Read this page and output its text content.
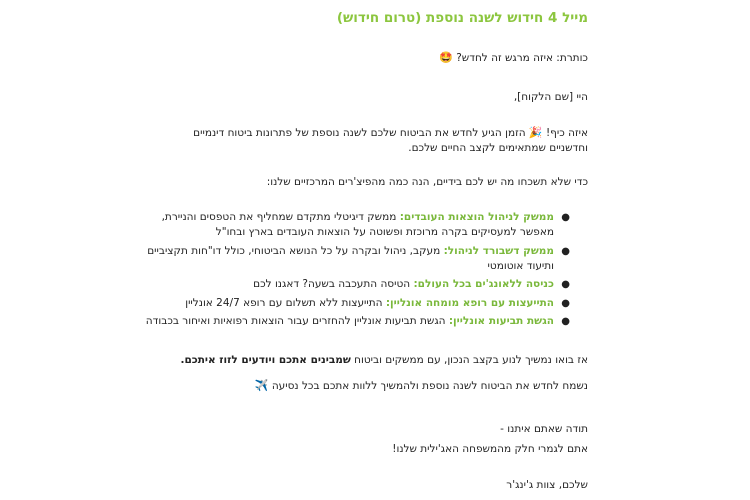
מייל 4 חידוש לשנה נוספת (טרום חידוש)
כותרת: איזה מרגש זה לחדש? 🤩
היי [שם הלקוח],
איזה כיף! 🎉 הזמן הגיע לחדש את הביטוח שלכם לשנה נוספת של פתרונות ביטוח דינמיים וחדשניים שמתאימים לקצב החיים שלכם.
כדי שלא תשכחו מה יש לכם בידיים, הנה כמה מהפיצ'רים המרכזיים שלנו:
●
ממשק לניהול הוצאות העובדים: ממשק דיגיטלי מתקדם שמחליף את הטפסים והניירת, מאפשר למעסיקים בקרה מרוכזת ופשוטה על הוצאות העובדים בארץ ובחו"ל
●
ממשק דשבורד לניהול: מעקב, ניהול ובקרה על כל הנושא הביטוחי, כולל דו"חות תקציביים ותיעוד אוטומטי
●
כניסה ללאונג'ים בכל העולם: הטיסה התעכבה בשעה? דאגנו לכם
●
התייעצות עם רופא מומחה אונליין: התייעצות ללא תשלום עם רופא 24/7 אונליין
●
הגשת תביעות אונליין: הגשת תביעות אונליין להחזרים עבור הוצאות רפואיות ואיחור בכבודה
אז בואו נמשיך לנוע בקצב הנכון, עם ממשקים וביטוח שמבינים אתכם ויודעים לזוז איתכם.
נשמח לחדש את הביטוח לשנה נוספת ולהמשיך ללוות אתכם בכל נסיעה ✈️
תודה שאתם איתנו -
אתם לגמרי חלק מהמשפחה האג'ילית שלנו!
שלכם, צוות ג'ינג'ר
